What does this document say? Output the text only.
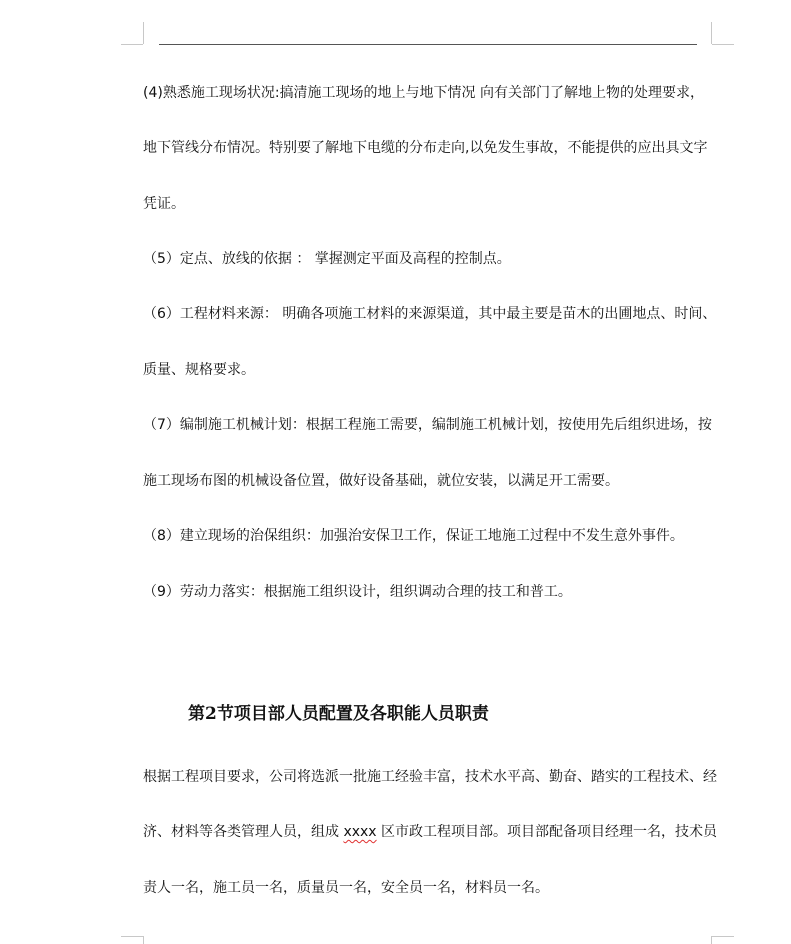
(4)熟悉施工现场状况:搞清施工现场的地上与地下情况 向有关部门了解地上物的处理要求，
地下管线分布情况。特别要了解地下电缆的分布走向,以免发生事故，不能提供的应出具文字
凭证。
（5）定点、放线的依据 ： 掌握测定平面及高程的控制点。
（6）工程材料来源： 明确各项施工材料的来源渠道，其中最主要是苗木的出圃地点、时间、
质量、规格要求。
（7）编制施工机械计划：根据工程施工需要，编制施工机械计划，按使用先后组织进场，按
施工现场布图的机械设备位置，做好设备基础，就位安装，以满足开工需要。
（8）建立现场的治保组织：加强治安保卫工作，保证工地施工过程中不发生意外事件。
（9）劳动力落实：根据施工组织设计，组织调动合理的技工和普工。
第2节项目部人员配置及各职能人员职责
根据工程项目要求，公司将选派一批施工经验丰富，技术水平高、勤奋、踏实的工程技术、经
济、材料等各类管理人员，组成 xxxx 区市政工程项目部。项目部配备项目经理一名，技术员
责人一名，施工员一名，质量员一名，安全员一名，材料员一名。
